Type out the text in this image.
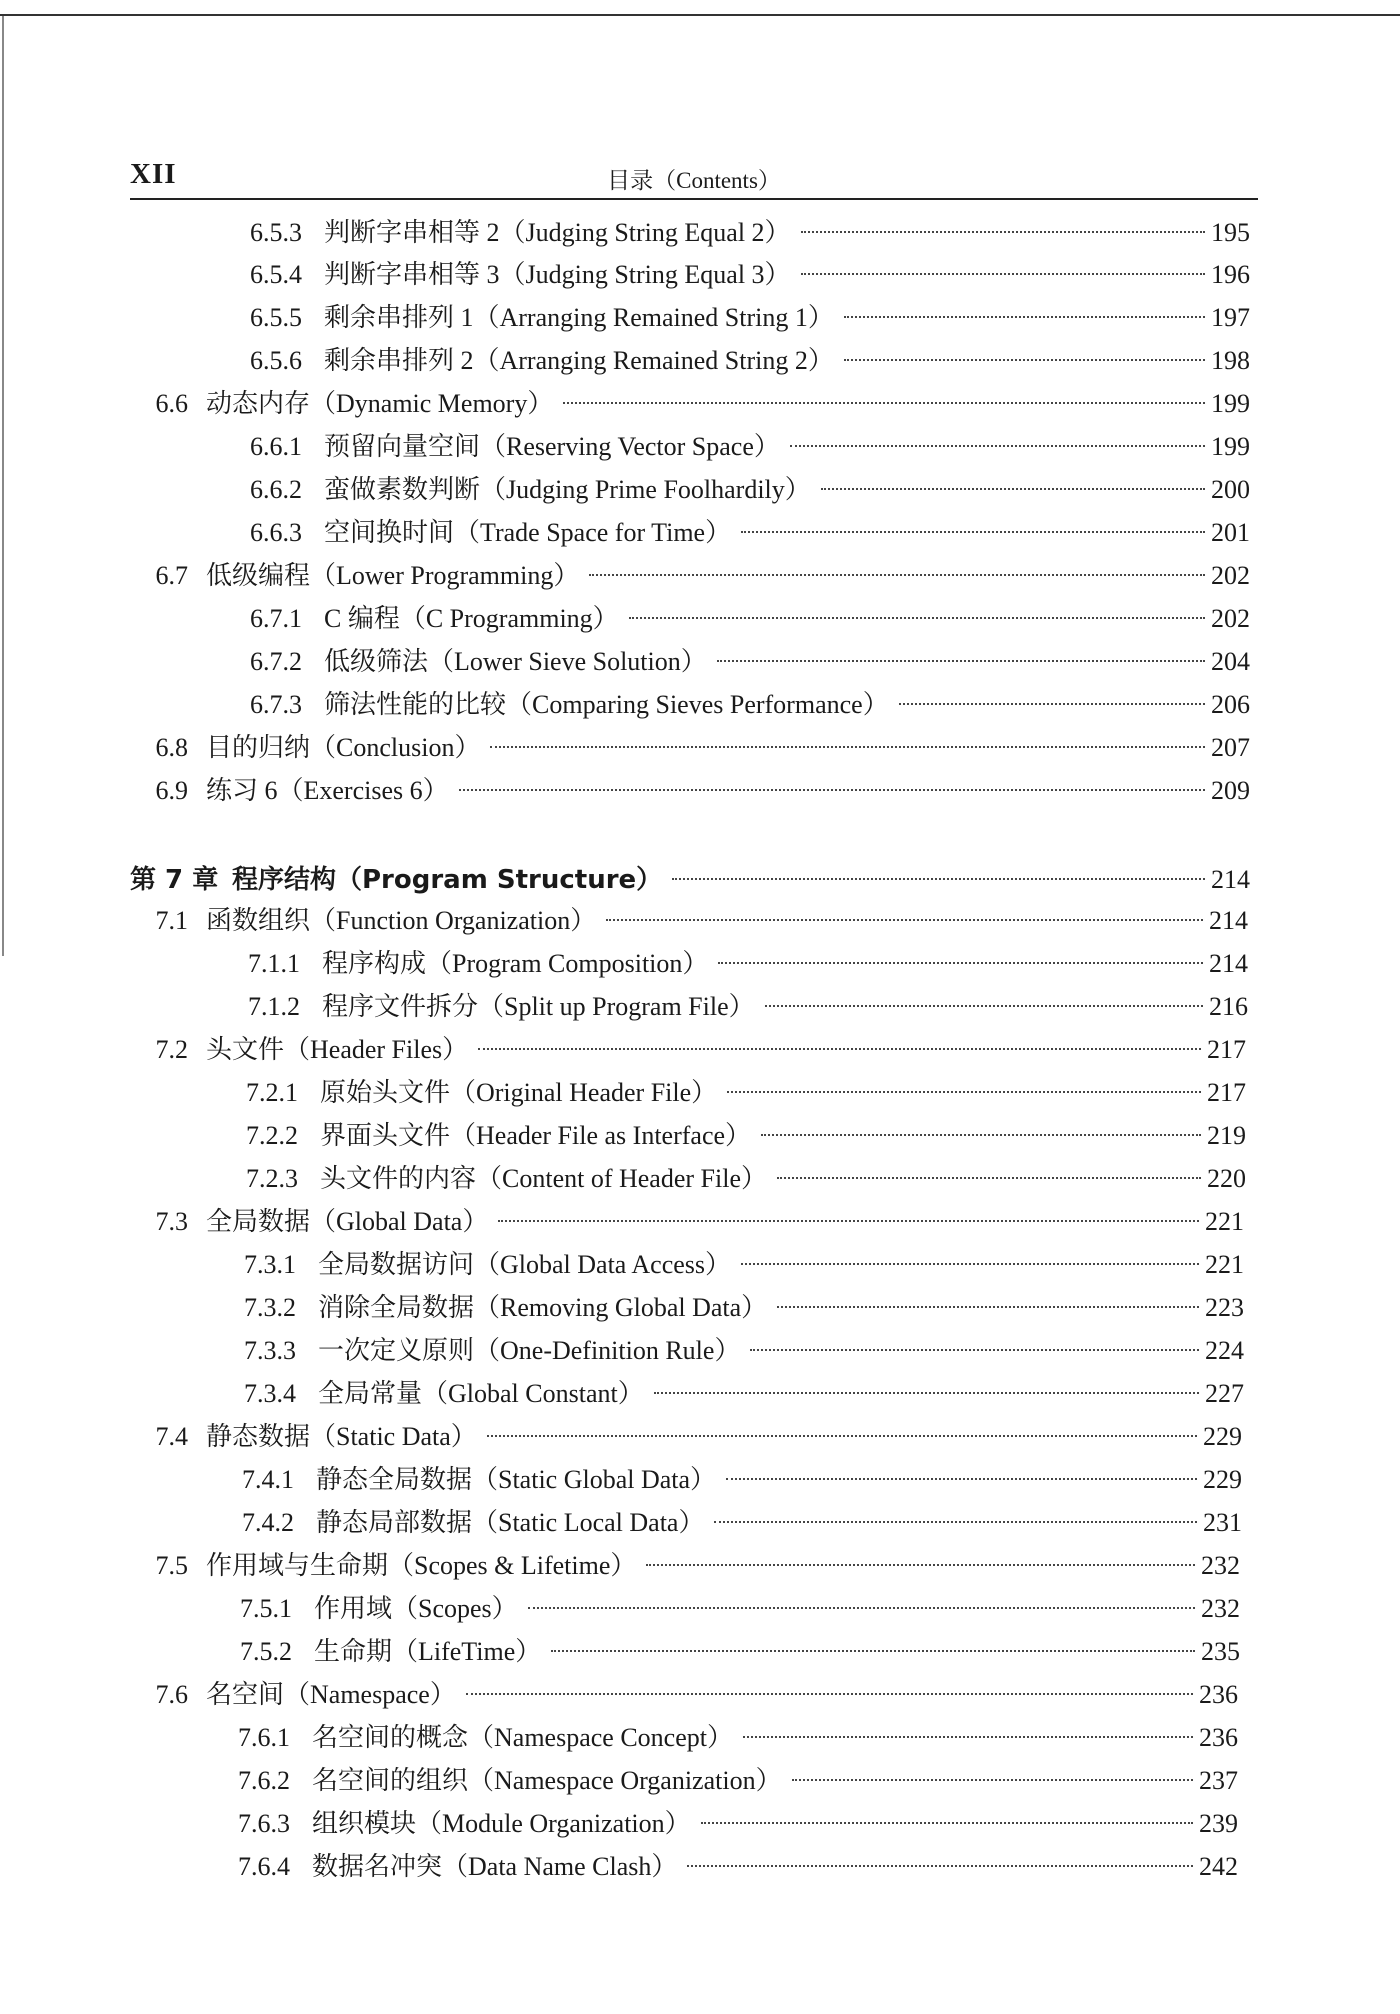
XII	目录（Contents）
6.5.3 判断字串相等 2（Judging String Equal 2）	195
6.5.4 判断字串相等 3（Judging String Equal 3）	196
6.5.5 剩余串排列 1（Arranging Remained String 1）	197
6.5.6 剩余串排列 2（Arranging Remained String 2）	198
6.6 动态内存（Dynamic Memory）	199
6.6.1 预留向量空间（Reserving Vector Space）	199
6.6.2 蛮做素数判断（Judging Prime Foolhardily）	200
6.6.3 空间换时间（Trade Space for Time）	201
6.7 低级编程（Lower Programming）	202
6.7.1 C 编程（C Programming）	202
6.7.2 低级筛法（Lower Sieve Solution）	204
6.7.3 筛法性能的比较（Comparing Sieves Performance）	206
6.8 目的归纳（Conclusion）	207
6.9 练习 6（Exercises 6）	209
第 7 章 程序结构（Program Structure）	214
7.1 函数组织（Function Organization）	214
7.1.1 程序构成（Program Composition）	214
7.1.2 程序文件拆分（Split up Program File）	216
7.2 头文件（Header Files）	217
7.2.1 原始头文件（Original Header File）	217
7.2.2 界面头文件（Header File as Interface）	219
7.2.3 头文件的内容（Content of Header File）	220
7.3 全局数据（Global Data）	221
7.3.1 全局数据访问（Global Data Access）	221
7.3.2 消除全局数据（Removing Global Data）	223
7.3.3 一次定义原则（One-Definition Rule）	224
7.3.4 全局常量（Global Constant）	227
7.4 静态数据（Static Data）	229
7.4.1 静态全局数据（Static Global Data）	229
7.4.2 静态局部数据（Static Local Data）	231
7.5 作用域与生命期（Scopes & Lifetime）	232
7.5.1 作用域（Scopes）	232
7.5.2 生命期（LifeTime）	235
7.6 名空间（Namespace）	236
7.6.1 名空间的概念（Namespace Concept）	236
7.6.2 名空间的组织（Namespace Organization）	237
7.6.3 组织模块（Module Organization）	239
7.6.4 数据名冲突（Data Name Clash）	242
